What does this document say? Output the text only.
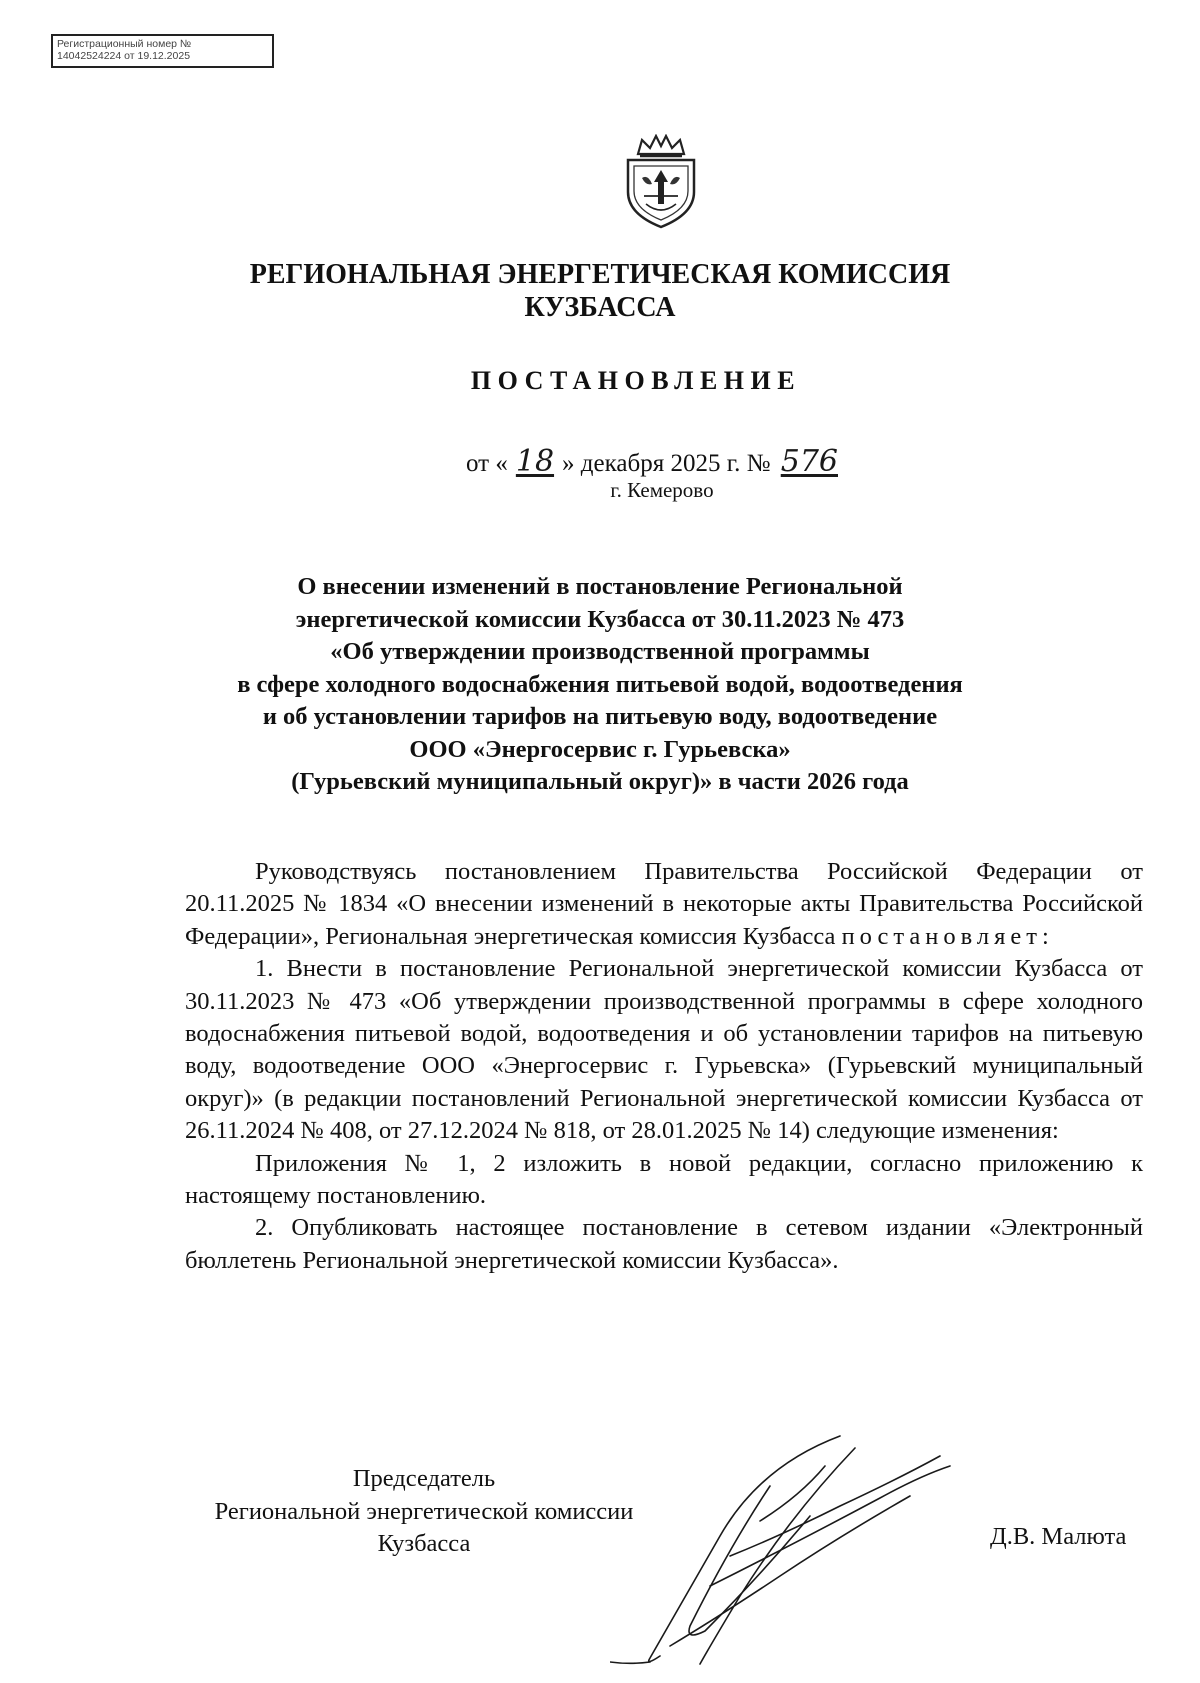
Регистрационный номер №
14042524224 от 19.12.2025
РЕГИОНАЛЬНАЯ ЭНЕРГЕТИЧЕСКАЯ КОМИССИЯ
КУЗБАССА
ПОСТАНОВЛЕНИЕ
от « 18 » декабря 2025 г. № 576
г. Кемерово
О внесении изменений в постановление Региональной
энергетической комиссии Кузбасса от 30.11.2023 № 473
«Об утверждении производственной программы
в сфере холодного водоснабжения питьевой водой, водоотведения
и об установлении тарифов на питьевую воду, водоотведение
ООО «Энергосервис г. Гурьевска»
(Гурьевский муниципальный округ)» в части 2026 года

Руководствуясь постановлением Правительства Российской Федерации от 20.11.2025 № 1834 «О внесении изменений в некоторые акты Правительства Российской Федерации», Региональная энергетическая комиссия Кузбасса постановляет:

1. Внести в постановление Региональной энергетической комиссии Кузбасса от 30.11.2023 № 473 «Об утверждении производственной программы в сфере холодного водоснабжения питьевой водой, водоотведения и об установлении тарифов на питьевую воду, водоотведение ООО «Энергосервис г. Гурьевска» (Гурьевский муниципальный округ)» (в редакции постановлений Региональной энергетической комиссии Кузбасса от 26.11.2024 № 408, от 27.12.2024 № 818, от 28.01.2025 № 14) следующие изменения:

Приложения № 1, 2 изложить в новой редакции, согласно приложению к настоящему постановлению.

2. Опубликовать настоящее постановление в сетевом издании «Электронный бюллетень Региональной энергетической комиссии Кузбасса».

Председатель
Региональной энергетической комиссии
Кузбасса	Д.В. Малюта
